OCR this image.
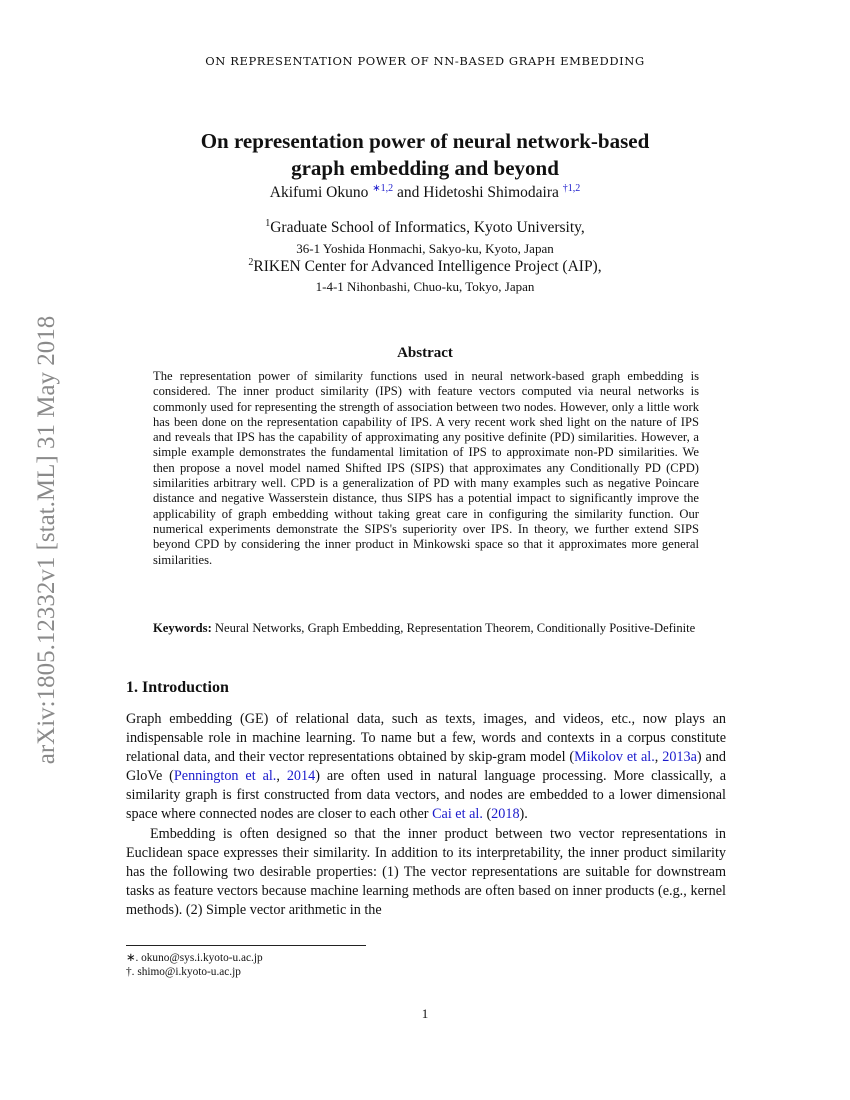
ON REPRESENTATION POWER OF NN-BASED GRAPH EMBEDDING
arXiv:1805.12332v1 [stat.ML] 31 May 2018
On representation power of neural network-based
graph embedding and beyond
Akifumi Okuno $^{∗1,2}$ and Hidetoshi Shimodaira $^{\dagger 1,2}$
$^1$Graduate School of Informatics, Kyoto University,
36-1 Yoshida Honmachi, Sakyo-ku, Kyoto, Japan
$^2$RIKEN Center for Advanced Intelligence Project (AIP),
1-4-1 Nihonbashi, Chuo-ku, Tokyo, Japan
Abstract
The representation power of similarity functions used in neural network-based graph embedding is considered. The inner product similarity (IPS) with feature vectors computed via neural networks is commonly used for representing the strength of association between two nodes. However, only a little work has been done on the representation capability of IPS. A very recent work shed light on the nature of IPS and reveals that IPS has the capability of approximating any positive definite (PD) similarities. However, a simple example demonstrates the fundamental limitation of IPS to approximate non-PD similarities. We then propose a novel model named Shifted IPS (SIPS) that approximates any Conditionally PD (CPD) similarities arbitrary well. CPD is a generalization of PD with many examples such as negative Poincare distance and negative Wasserstein distance, thus SIPS has a potential impact to significantly improve the applicability of graph embedding without taking great care in configuring the similarity function. Our numerical experiments demonstrate the SIPS's superiority over IPS. In theory, we further extend SIPS beyond CPD by considering the inner product in Minkowski space so that it approximates more general similarities.
Keywords: Neural Networks, Graph Embedding, Representation Theorem, Conditionally Positive-Definite
1. Introduction

Graph embedding (GE) of relational data, such as texts, images, and videos, etc., now plays an indispensable role in machine learning. To name but a few, words and contexts in a corpus constitute relational data, and their vector representations obtained by skip-gram model (Mikolov et al., 2013a) and GloVe (Pennington et al., 2014) are often used in natural language processing. More classically, a similarity graph is first constructed from data vectors, and nodes are embedded to a lower dimensional space where connected nodes are closer to each other Cai et al. (2018).

Embedding is often designed so that the inner product between two vector representations in Euclidean space expresses their similarity. In addition to its interpretability, the inner product similarity has the following two desirable properties: (1) The vector representations are suitable for downstream tasks as feature vectors because machine learning methods are often based on inner products (e.g., kernel methods). (2) Simple vector arithmetic in the

∗. okuno@sys.i.kyoto-u.ac.jp
†. shimo@i.kyoto-u.ac.jp
1
